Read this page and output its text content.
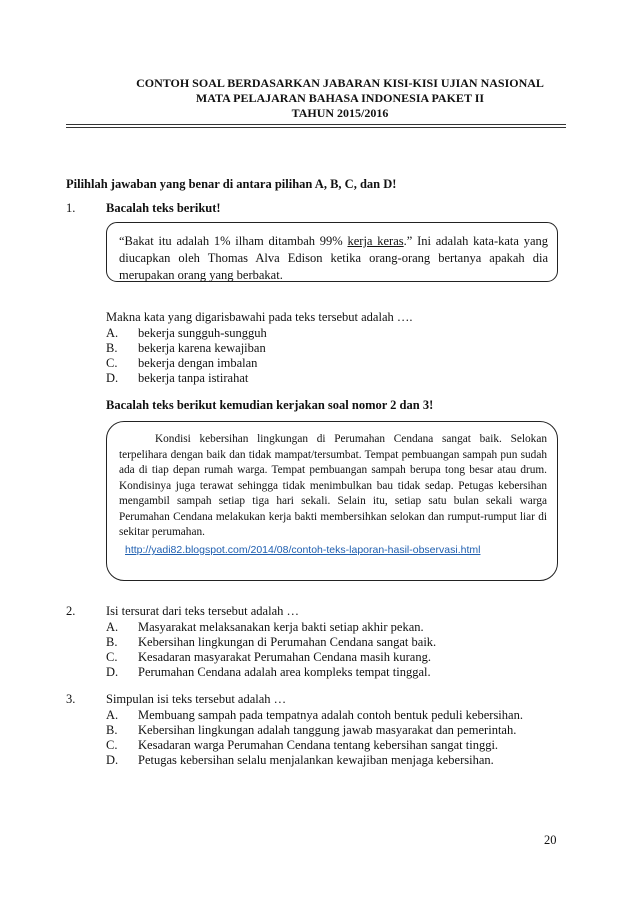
CONTOH SOAL BERDASARKAN JABARAN KISI-KISI UJIAN NASIONAL
MATA PELAJARAN BAHASA INDONESIA PAKET II
TAHUN 2015/2016
Pilihlah jawaban yang benar di antara pilihan A, B, C, dan D!
1. Bacalah teks berikut!
“Bakat itu adalah 1% ilham ditambah 99% kerja keras.” Ini adalah kata-kata yang diucapkan oleh Thomas Alva Edison ketika orang-orang bertanya apakah dia merupakan orang yang berbakat.
Makna kata yang digarisbawahi pada teks tersebut adalah ….
A. bekerja sungguh-sungguh
B. bekerja karena kewajiban
C. bekerja dengan imbalan
D. bekerja tanpa istirahat
Bacalah teks berikut kemudian kerjakan soal nomor 2 dan 3!
Kondisi kebersihan lingkungan di Perumahan Cendana sangat baik. Selokan terpelihara dengan baik dan tidak mampat/tersumbat. Tempat pembuangan sampah pun sudah ada di tiap depan rumah warga. Tempat pembuangan sampah berupa tong besar atau drum. Kondisinya juga terawat sehingga tidak menimbulkan bau tidak sedap. Petugas kebersihan mengambil sampah setiap tiga hari sekali. Selain itu, setiap satu bulan sekali warga Perumahan Cendana melakukan kerja bakti membersihkan selokan dan rumput-rumput liar di sekitar perumahan.
http://yadi82.blogspot.com/2014/08/contoh-teks-laporan-hasil-observasi.html
2. Isi tersurat dari teks tersebut adalah …
A. Masyarakat melaksanakan kerja bakti setiap akhir pekan.
B. Kebersihan lingkungan di Perumahan Cendana sangat baik.
C. Kesadaran masyarakat Perumahan Cendana masih kurang.
D. Perumahan Cendana adalah area kompleks tempat tinggal.
3. Simpulan isi teks tersebut adalah …
A. Membuang sampah pada tempatnya adalah contoh bentuk peduli kebersihan.
B. Kebersihan lingkungan adalah tanggung jawab masyarakat dan pemerintah.
C. Kesadaran warga Perumahan Cendana tentang kebersihan sangat tinggi.
D. Petugas kebersihan selalu menjalankan kewajiban menjaga kebersihan.
20
